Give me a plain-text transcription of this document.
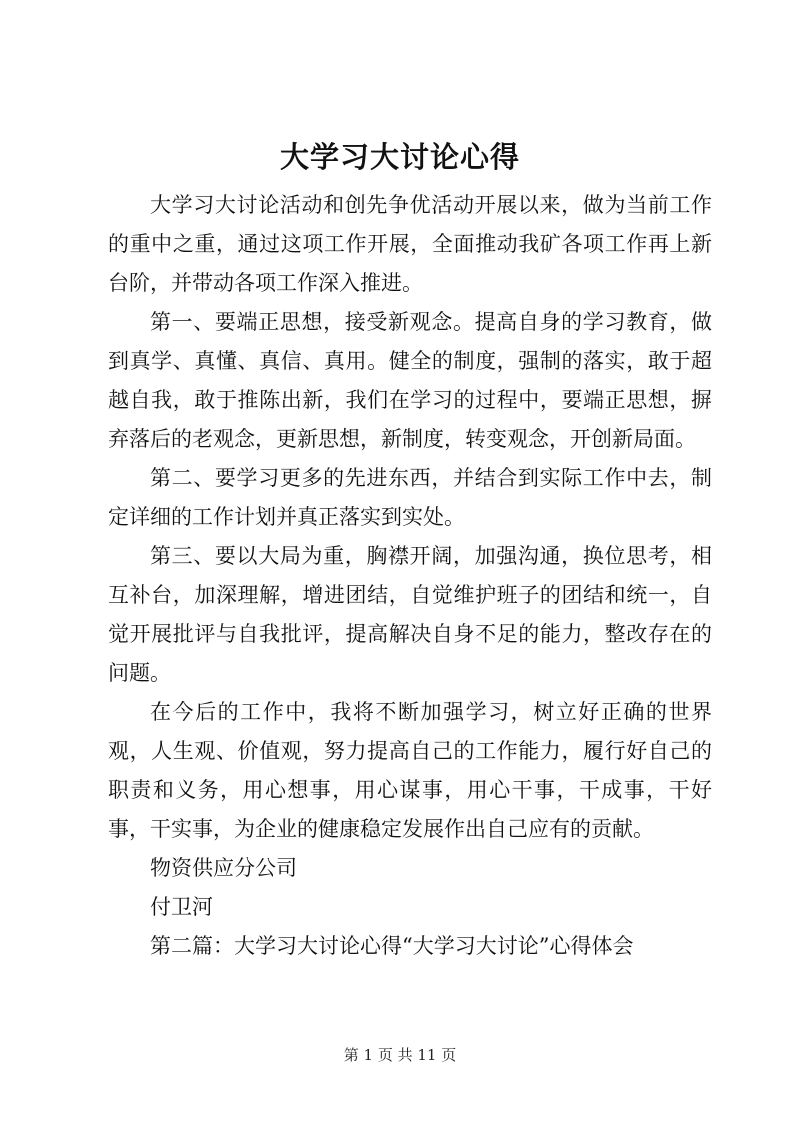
大学习大讨论心得

大学习大讨论活动和创先争优活动开展以来，做为当前工作的重中之重，通过这项工作开展，全面推动我矿各项工作再上新台阶，并带动各项工作深入推进。

第一、要端正思想，接受新观念。提高自身的学习教育，做到真学、真懂、真信、真用。健全的制度，强制的落实，敢于超越自我，敢于推陈出新，我们在学习的过程中，要端正思想，摒弃落后的老观念，更新思想，新制度，转变观念，开创新局面。

第二、要学习更多的先进东西，并结合到实际工作中去，制定详细的工作计划并真正落实到实处。

第三、要以大局为重，胸襟开阔，加强沟通，换位思考，相互补台，加深理解，增进团结，自觉维护班子的团结和统一，自觉开展批评与自我批评，提高解决自身不足的能力，整改存在的问题。

在今后的工作中，我将不断加强学习，树立好正确的世界观，人生观、价值观，努力提高自己的工作能力，履行好自己的职责和义务，用心想事，用心谋事，用心干事，干成事，干好事，干实事，为企业的健康稳定发展作出自己应有的贡献。

物资供应分公司

付卫河

第二篇：大学习大讨论心得“大学习大讨论”心得体会

第 1 页 共 11 页
